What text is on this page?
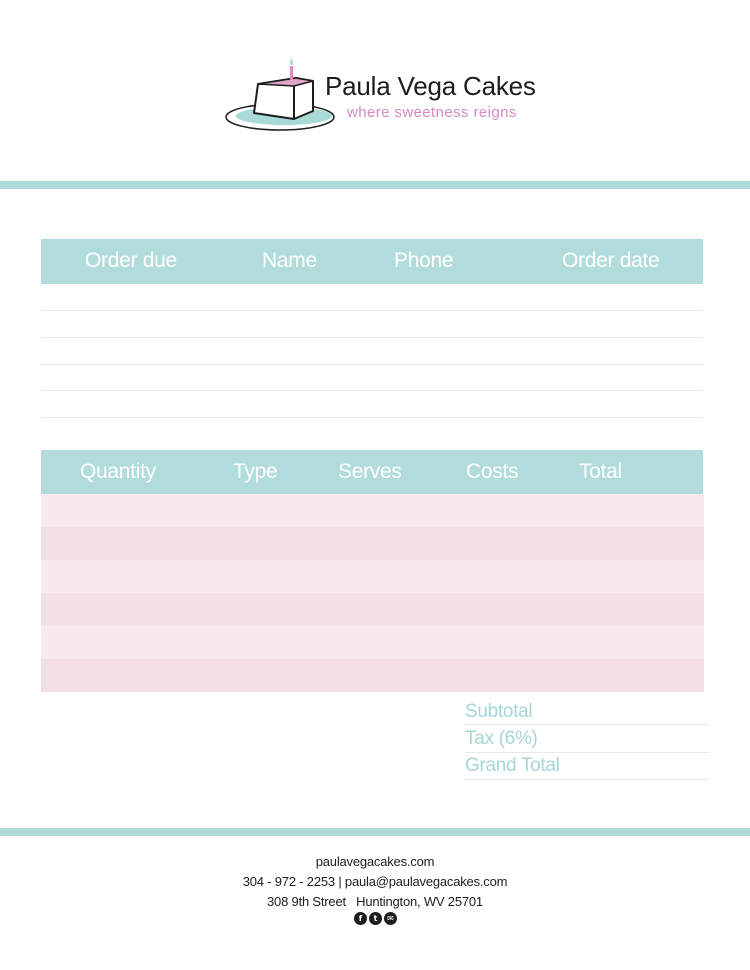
Paula Vega Cakes
where sweetness reigns
Order due	Name	Phone	Order date
Quantity	Type	Serves	Costs	Total
Subtotal
Tax (6%)
Grand Total
paulavegacakes.com
304 - 972 - 2253 | paula@paulavegacakes.com
308 9th Street   Huntington, WV 25701
f	t	✉
